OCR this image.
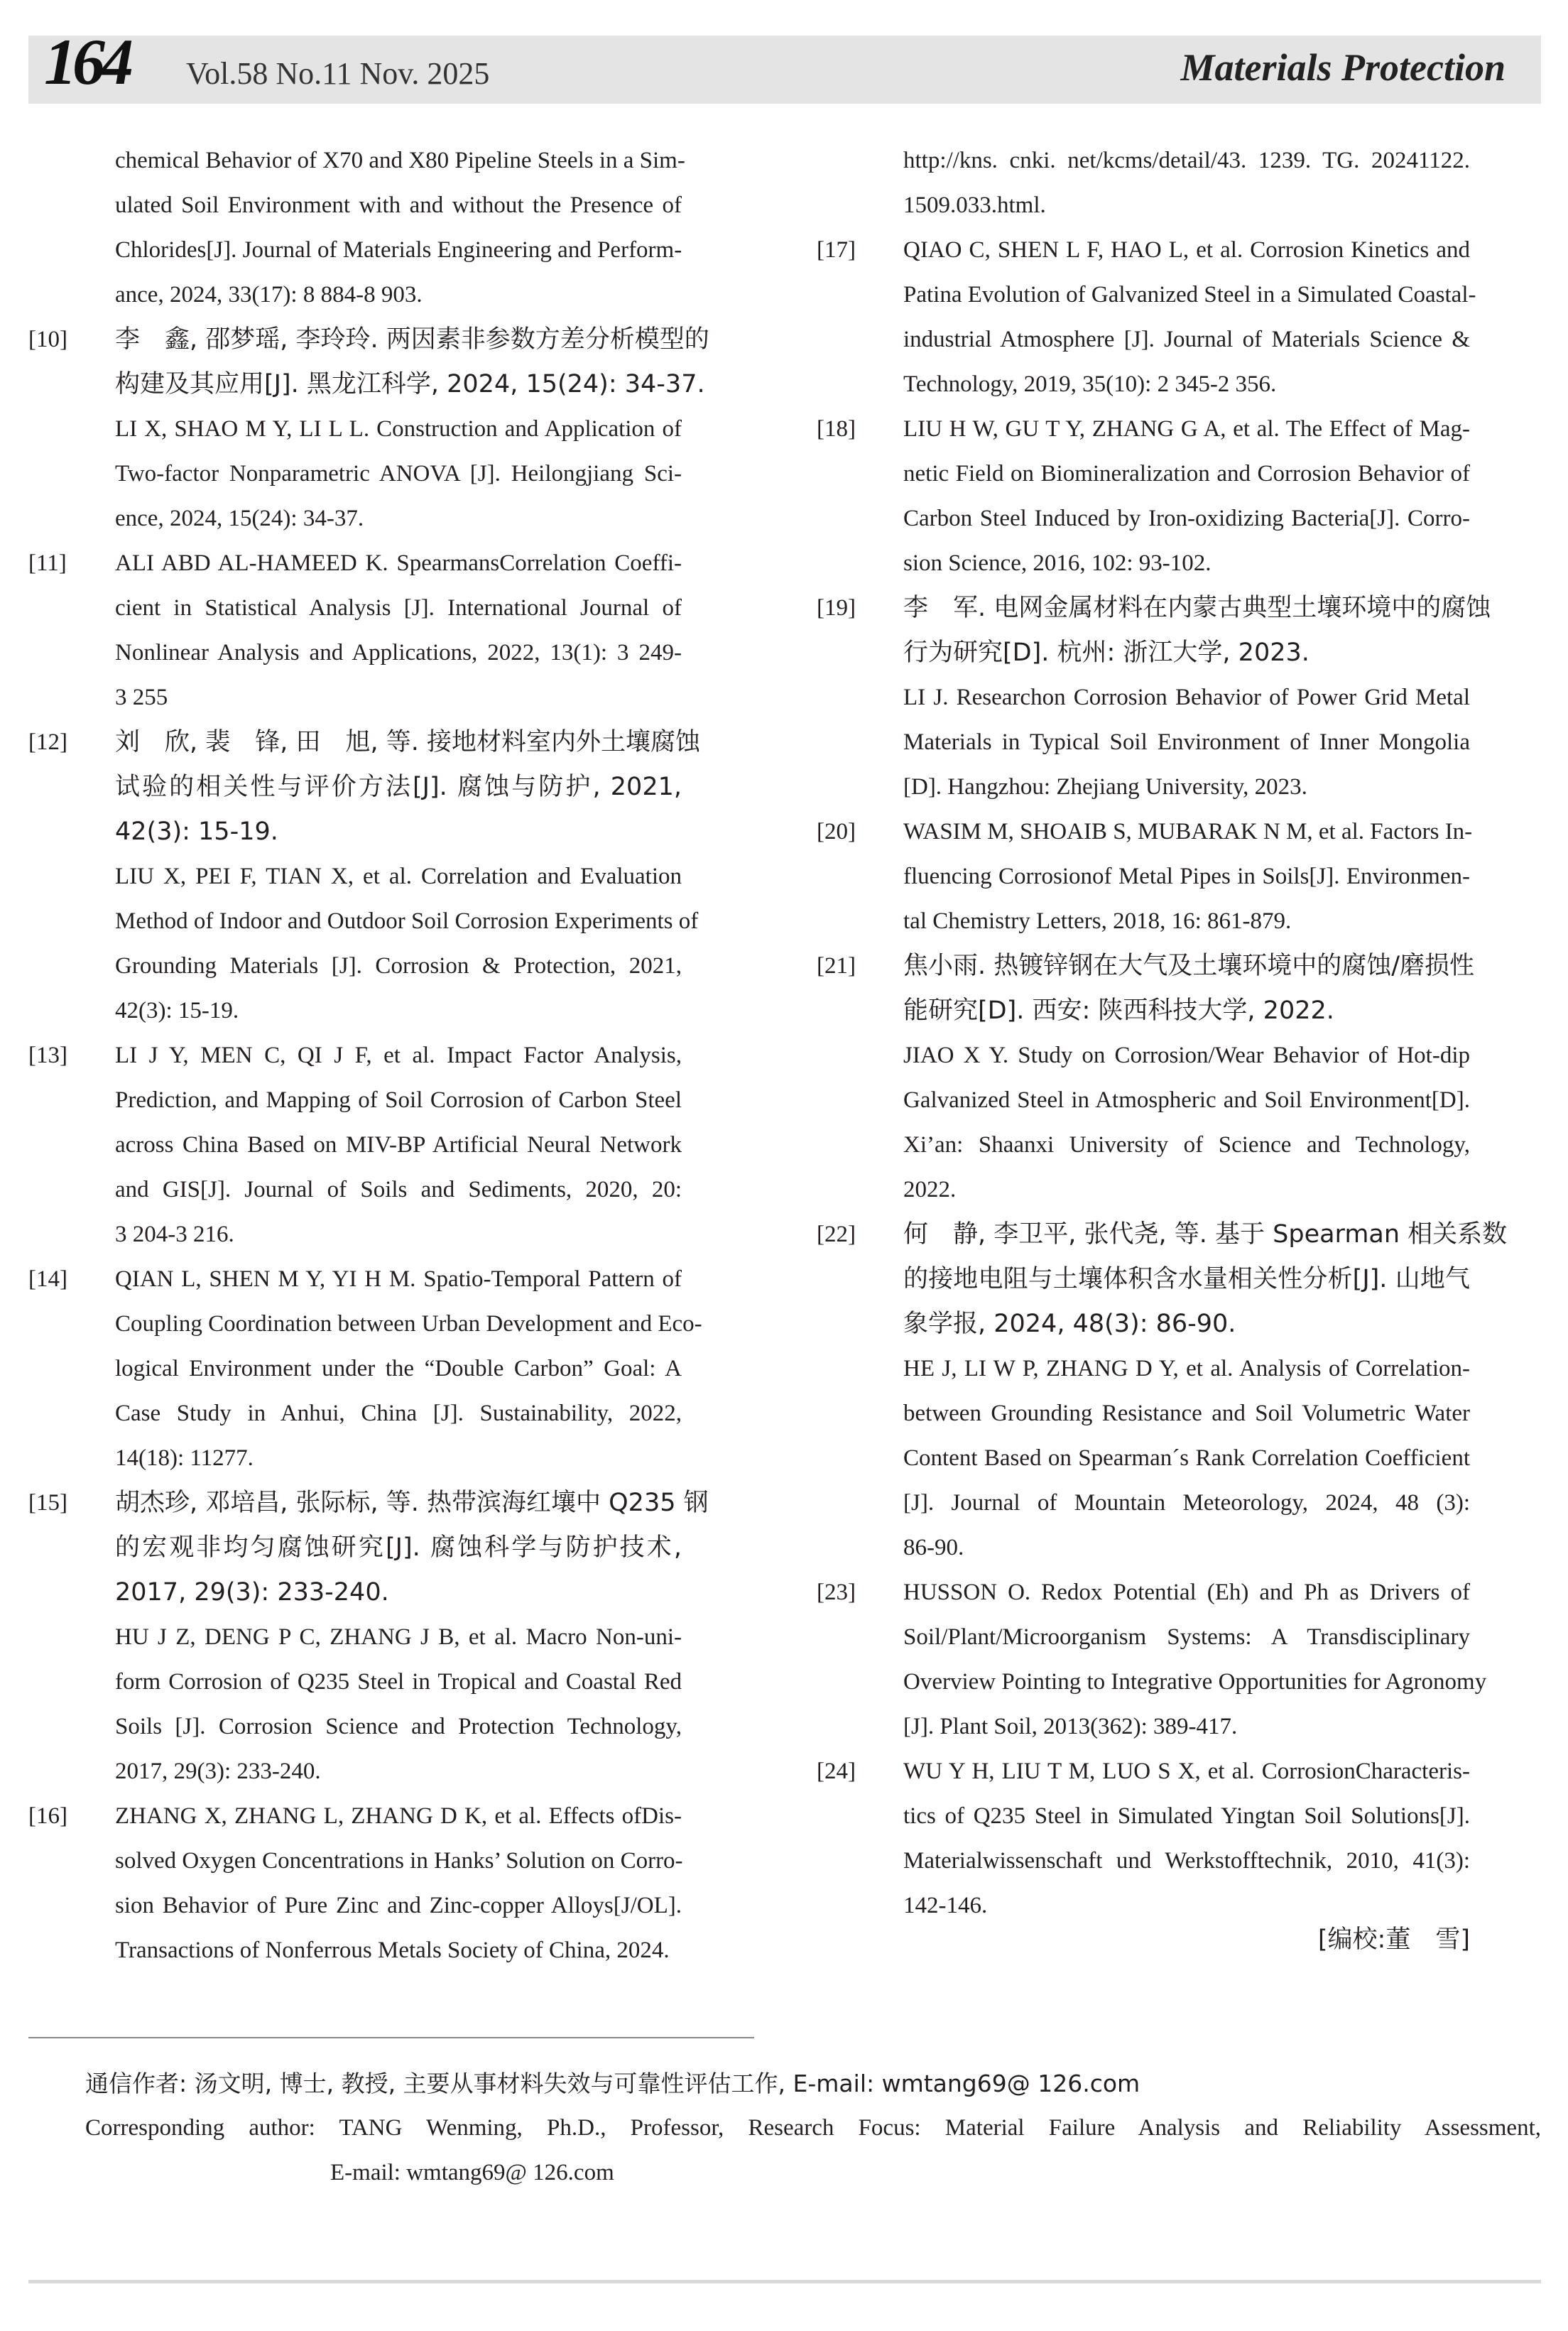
164 Vol.58 No.11 Nov. 2025	Materials Protection
chemical Behavior of X70 and X80 Pipeline Steels in a Sim-
ulated Soil Environment with and without the Presence of
Chlorides[J]. Journal of Materials Engineering and Perform-
ance, 2024, 33(17): 8 884-8 903.
[10]	李　鑫, 邵梦瑶, 李玲玲. 两因素非参数方差分析模型的
构建及其应用[J]. 黑龙江科学, 2024, 15(24): 34-37.
LI X, SHAO M Y, LI L L. Construction and Application of
Two-factor Nonparametric ANOVA [J]. Heilongjiang Sci-
ence, 2024, 15(24): 34-37.
[11]	ALI ABD AL-HAMEED K. SpearmansCorrelation Coeffi-
cient in Statistical Analysis [J]. International Journal of
Nonlinear Analysis and Applications, 2022, 13(1): 3 249-
3 255
[12]	刘　欣, 裴　锋, 田　旭, 等. 接地材料室内外土壤腐蚀
试验的相关性与评价方法[J]. 腐蚀与防护, 2021,
42(3): 15-19.
LIU X, PEI F, TIAN X, et al. Correlation and Evaluation
Method of Indoor and Outdoor Soil Corrosion Experiments of
Grounding Materials [J]. Corrosion & Protection, 2021,
42(3): 15-19.
[13]	LI J Y, MEN C, QI J F, et al. Impact Factor Analysis,
Prediction, and Mapping of Soil Corrosion of Carbon Steel
across China Based on MIV-BP Artificial Neural Network
and GIS[J]. Journal of Soils and Sediments, 2020, 20:
3 204-3 216.
[14]	QIAN L, SHEN M Y, YI H M. Spatio-Temporal Pattern of
Coupling Coordination between Urban Development and Eco-
logical Environment under the “Double Carbon” Goal: A
Case Study in Anhui, China [J]. Sustainability, 2022,
14(18): 11277.
[15]	胡杰珍, 邓培昌, 张际标, 等. 热带滨海红壤中 Q235 钢
的宏观非均匀腐蚀研究[J]. 腐蚀科学与防护技术,
2017, 29(3): 233-240.
HU J Z, DENG P C, ZHANG J B, et al. Macro Non-uni-
form Corrosion of Q235 Steel in Tropical and Coastal Red
Soils [J]. Corrosion Science and Protection Technology,
2017, 29(3): 233-240.
[16]	ZHANG X, ZHANG L, ZHANG D K, et al. Effects ofDis-
solved Oxygen Concentrations in Hanks’ Solution on Corro-
sion Behavior of Pure Zinc and Zinc-copper Alloys[J/OL].
Transactions of Nonferrous Metals Society of China, 2024.
http://kns. cnki. net/kcms/detail/43. 1239. TG. 20241122.
1509.033.html.
[17]	QIAO C, SHEN L F, HAO L, et al. Corrosion Kinetics and
Patina Evolution of Galvanized Steel in a Simulated Coastal-
industrial Atmosphere [J]. Journal of Materials Science &
Technology, 2019, 35(10): 2 345-2 356.
[18]	LIU H W, GU T Y, ZHANG G A, et al. The Effect of Mag-
netic Field on Biomineralization and Corrosion Behavior of
Carbon Steel Induced by Iron-oxidizing Bacteria[J]. Corro-
sion Science, 2016, 102: 93-102.
[19]	李　军. 电网金属材料在内蒙古典型土壤环境中的腐蚀
行为研究[D]. 杭州: 浙江大学, 2023.
LI J. Researchon Corrosion Behavior of Power Grid Metal
Materials in Typical Soil Environment of Inner Mongolia
[D]. Hangzhou: Zhejiang University, 2023.
[20]	WASIM M, SHOAIB S, MUBARAK N M, et al. Factors In-
fluencing Corrosionof Metal Pipes in Soils[J]. Environmen-
tal Chemistry Letters, 2018, 16: 861-879.
[21]	焦小雨. 热镀锌钢在大气及土壤环境中的腐蚀/磨损性
能研究[D]. 西安: 陕西科技大学, 2022.
JIAO X Y. Study on Corrosion/Wear Behavior of Hot-dip
Galvanized Steel in Atmospheric and Soil Environment[D].
Xi’an: Shaanxi University of Science and Technology,
2022.
[22]	何　静, 李卫平, 张代尧, 等. 基于 Spearman 相关系数
的接地电阻与土壤体积含水量相关性分析[J]. 山地气
象学报, 2024, 48(3): 86-90.
HE J, LI W P, ZHANG D Y, et al. Analysis of Correlation-
between Grounding Resistance and Soil Volumetric Water
Content Based on Spearman´s Rank Correlation Coefficient
[J]. Journal of Mountain Meteorology, 2024, 48 (3):
86-90.
[23]	HUSSON O. Redox Potential (Eh) and Ph as Drivers of
Soil/Plant/Microorganism Systems: A Transdisciplinary
Overview Pointing to Integrative Opportunities for Agronomy
[J]. Plant Soil, 2013(362): 389-417.
[24]	WU Y H, LIU T M, LUO S X, et al. CorrosionCharacteris-
tics of Q235 Steel in Simulated Yingtan Soil Solutions[J].
Materialwissenschaft und Werkstofftechnik, 2010, 41(3):
142-146.
[编校:董　雪]
通信作者: 汤文明, 博士, 教授, 主要从事材料失效与可靠性评估工作, E-mail: wmtang69@ 126.com
Corresponding author: TANG Wenming, Ph.D., Professor, Research Focus: Material Failure Analysis and Reliability Assessment,
E-mail: wmtang69@ 126.com
